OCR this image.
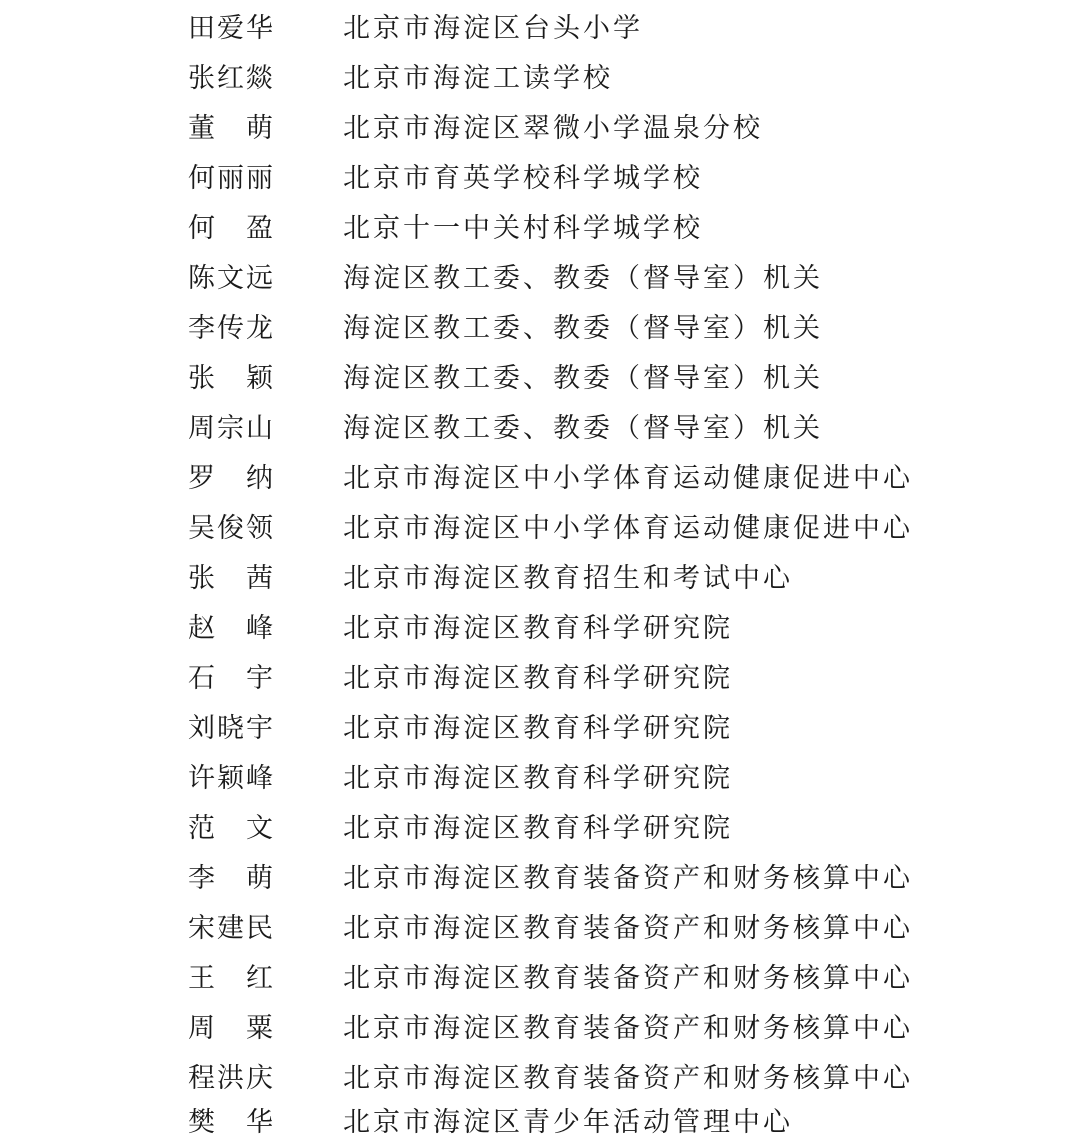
田爱华	北京市海淀区台头小学
张红燚	北京市海淀工读学校
董　萌	北京市海淀区翠微小学温泉分校
何丽丽	北京市育英学校科学城学校
何　盈	北京十一中关村科学城学校
陈文远	海淀区教工委、教委（督导室）机关
李传龙	海淀区教工委、教委（督导室）机关
张　颖	海淀区教工委、教委（督导室）机关
周宗山	海淀区教工委、教委（督导室）机关
罗　纳	北京市海淀区中小学体育运动健康促进中心
吴俊领	北京市海淀区中小学体育运动健康促进中心
张　茜	北京市海淀区教育招生和考试中心
赵　峰	北京市海淀区教育科学研究院
石　宇	北京市海淀区教育科学研究院
刘晓宇	北京市海淀区教育科学研究院
许颖峰	北京市海淀区教育科学研究院
范　文	北京市海淀区教育科学研究院
李　萌	北京市海淀区教育装备资产和财务核算中心
宋建民	北京市海淀区教育装备资产和财务核算中心
王　红	北京市海淀区教育装备资产和财务核算中心
周　粟	北京市海淀区教育装备资产和财务核算中心
程洪庆	北京市海淀区教育装备资产和财务核算中心
樊　华	北京市海淀区青少年活动管理中心
